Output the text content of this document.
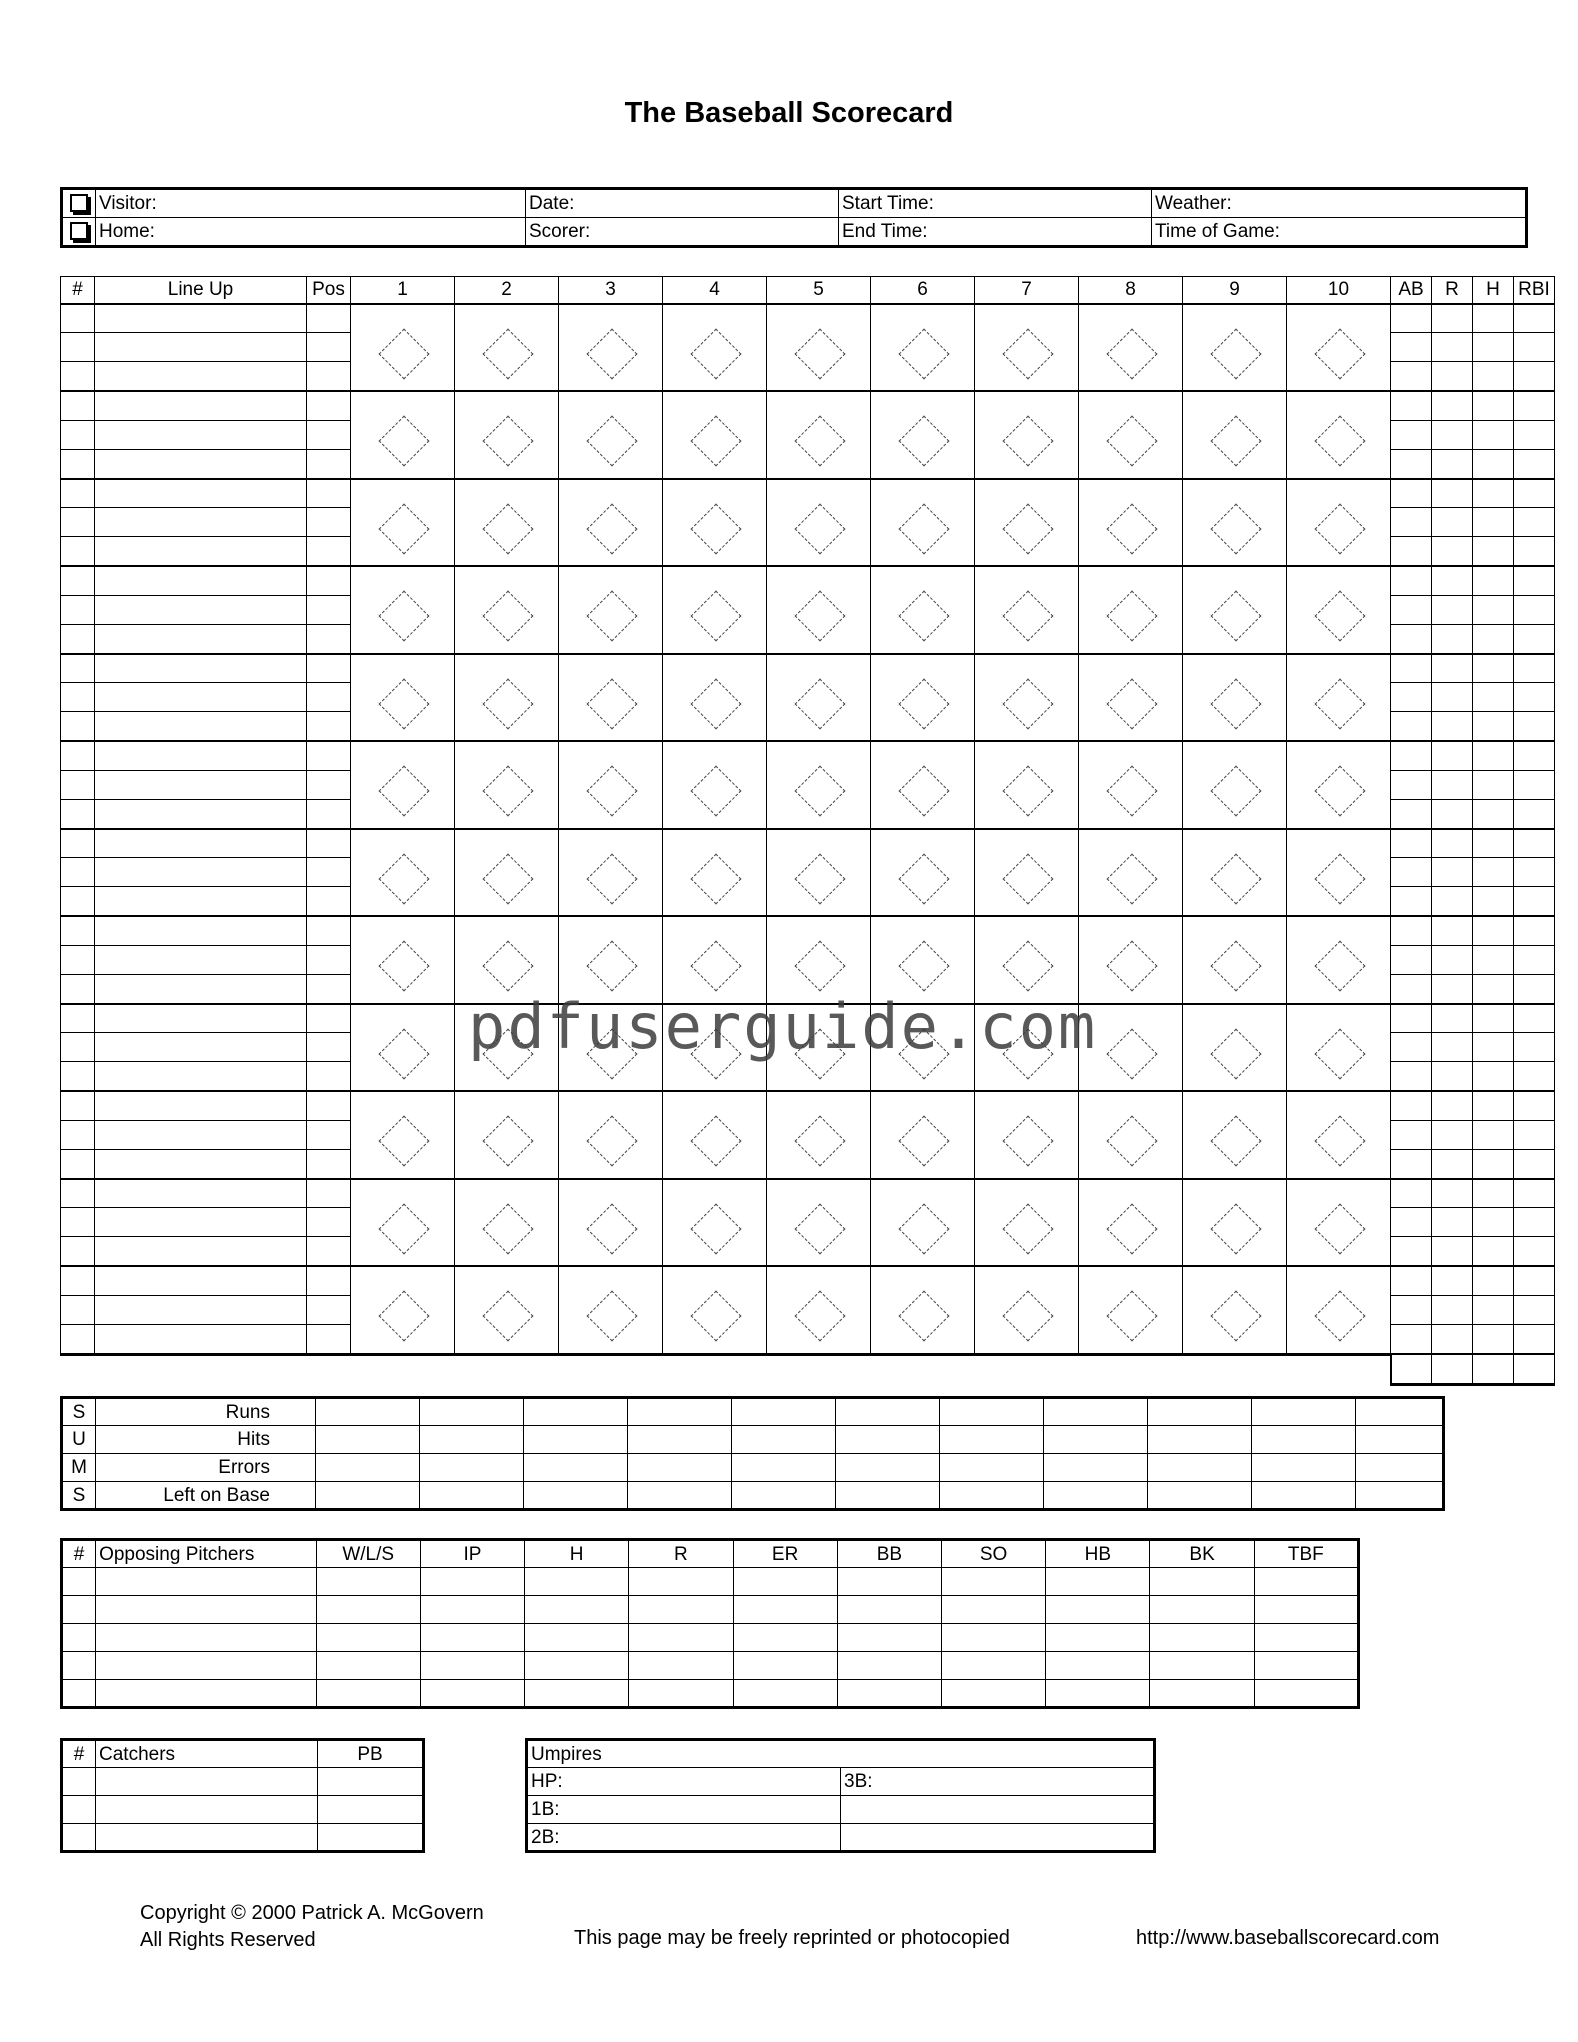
The Baseball Scorecard
	Visitor:	Date:	Start Time:	Weather:
	Home:	Scorer:	End Time:	Time of Game:
#	Line Up	Pos	1	2	3	4	5	6	7	8	9	10	AB	R	H	RBI

pdfuserguide.com
S	Runs											
U	Hits											
M	Errors											
S	Left on Base											
#	Opposing Pitchers	W/L/S	IP	H	R	ER	BB	SO	HB	BK	TBF

#	Catchers	PB

			Umpires	
HP:	3B:
1B:	
2B:	
Copyright © 2000 Patrick A. McGovern
All Rights Reserved	This page may be freely reprinted or photocopied	http://www.baseballscorecard.com
